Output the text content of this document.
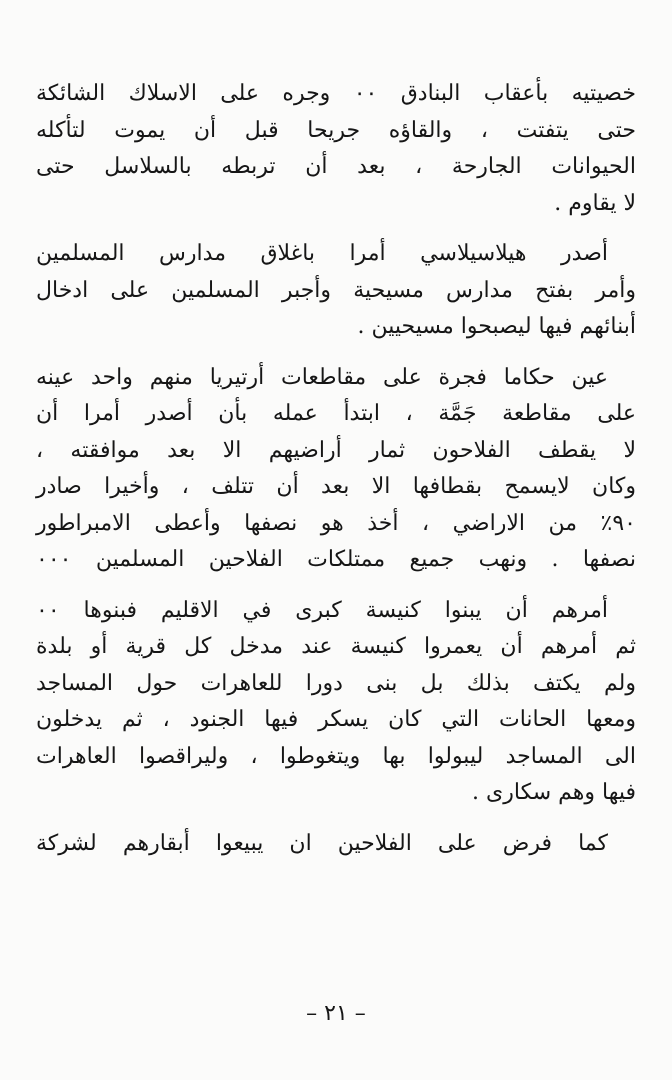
خصيتيه بأعقاب البنادق ٠٠ وجره على الاسلاك الشائكة
حتى يتفتت ، والقاؤه جريحا قبل أن يموت لتأكله
الحيوانات الجارحة ، بعد أن تربطه بالسلاسل حتى
لا يقاوم .
أصدر هيلاسيلاسي أمرا باغلاق مدارس المسلمين
وأمر بفتح مدارس مسيحية وأجبر المسلمين على ادخال
أبنائهم فيها ليصبحوا مسيحيين .
عين حكاما فجرة على مقاطعات أرتيريا منهم واحد عينه
على مقاطعة جَمَّة ، ابتدأ عمله بأن أصدر أمرا أن
لا يقطف الفلاحون ثمار أراضيهم الا بعد موافقته ،
وكان لايسمح بقطافها الا بعد أن تتلف ، وأخيرا صادر
٩٠٪ من الاراضي ، أخذ هو نصفها وأعطى الامبراطور
نصفها . ونهب جميع ممتلكات الفلاحين المسلمين ٠٠٠
أمرهم أن يبنوا كنيسة كبرى في الاقليم فبنوها ٠٠
ثم أمرهم أن يعمروا كنيسة عند مدخل كل قرية أو بلدة
ولم يكتف بذلك بل بنى دورا للعاهرات حول المساجد
ومعها الحانات التي كان يسكر فيها الجنود ، ثم يدخلون
الى المساجد ليبولوا بها ويتغوطوا ، وليراقصوا العاهرات
فيها وهم سكارى .
كما فرض على الفلاحين ان يبيعوا أبقارهم لشركة
– ٢١ –
